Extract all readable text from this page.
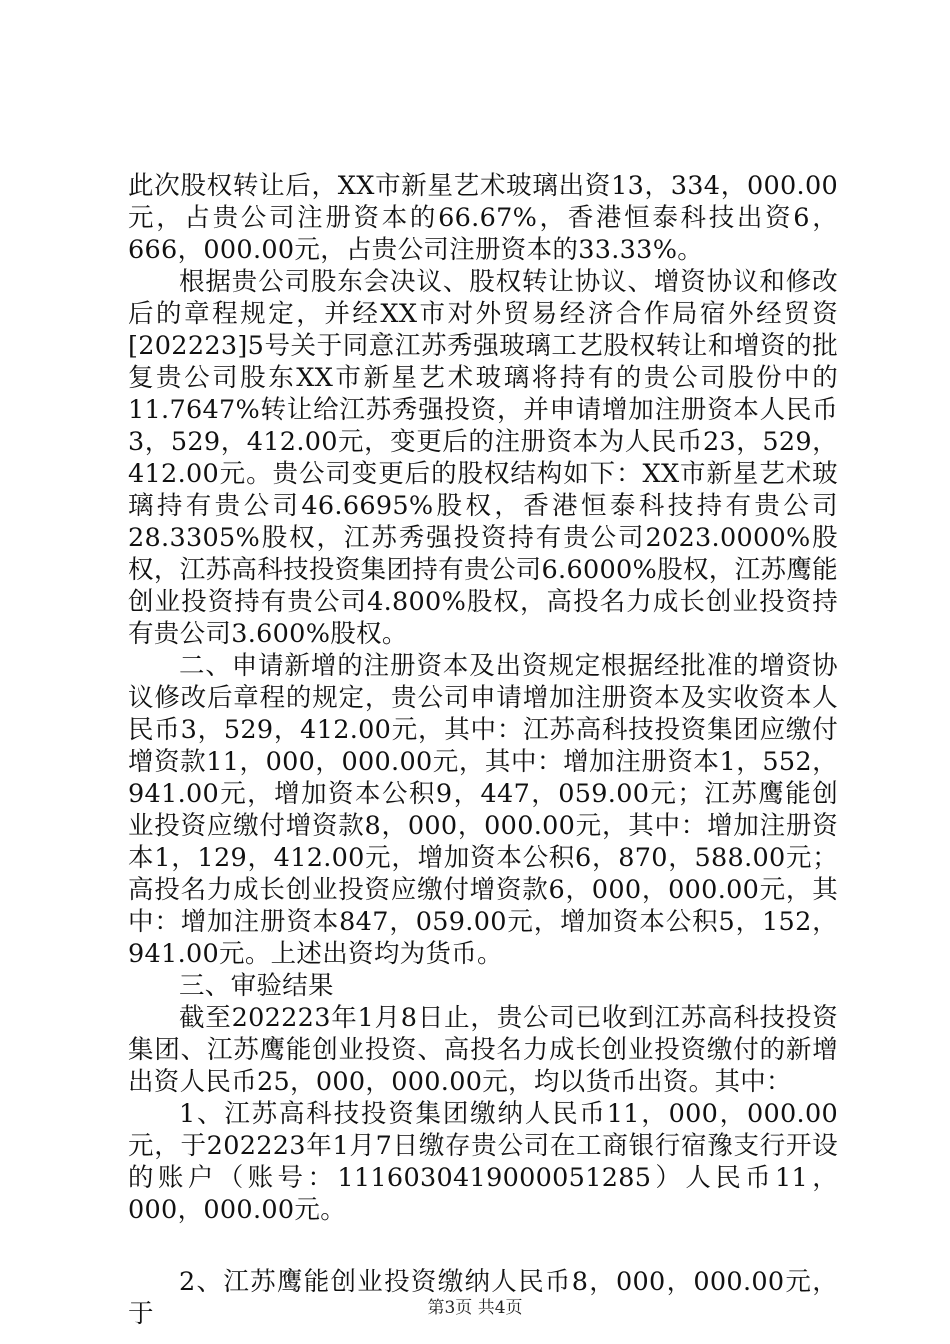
此次股权转让后，XX市新星艺术玻璃出资13，334，000.00元，占贵公司注册资本的66.67%，香港恒泰科技出资6，666，000.00元，占贵公司注册资本的33.33%。

根据贵公司股东会决议、股权转让协议、增资协议和修改后的章程规定，并经XX市对外贸易经济合作局宿外经贸资[202223]5号关于同意江苏秀强玻璃工艺股权转让和增资的批复贵公司股东XX市新星艺术玻璃将持有的贵公司股份中的11.7647%转让给江苏秀强投资，并申请增加注册资本人民币3，529，412.00元，变更后的注册资本为人民币23，529，412.00元。贵公司变更后的股权结构如下：XX市新星艺术玻璃持有贵公司46.6695%股权，香港恒泰科技持有贵公司28.3305%股权，江苏秀强投资持有贵公司2023.0000%股权，江苏高科技投资集团持有贵公司6.6000%股权，江苏鹰能创业投资持有贵公司4.800%股权，高投名力成长创业投资持有贵公司3.600%股权。

二、申请新增的注册资本及出资规定根据经批准的增资协议修改后章程的规定，贵公司申请增加注册资本及实收资本人民币3，529，412.00元，其中：江苏高科技投资集团应缴付增资款11，000，000.00元，其中：增加注册资本1，552，941.00元，增加资本公积9，447，059.00元；江苏鹰能创业投资应缴付增资款8，000，000.00元，其中：增加注册资本1，129，412.00元，增加资本公积6，870，588.00元；高投名力成长创业投资应缴付增资款6，000，000.00元，其中：增加注册资本847，059.00元，增加资本公积5，152，941.00元。上述出资均为货币。

三、审验结果

截至202223年1月8日止，贵公司已收到江苏高科技投资集团、江苏鹰能创业投资、高投名力成长创业投资缴付的新增出资人民币25，000，000.00元，均以货币出资。其中：

1、江苏高科技投资集团缴纳人民币11，000，000.00元，于202223年1月7日缴存贵公司在工商银行宿豫支行开设的账户（账号：1116030419000051285）人民币11，000，000.00元。

2、江苏鹰能创业投资缴纳人民币8，000，000.00元，于	第3页 共4页
